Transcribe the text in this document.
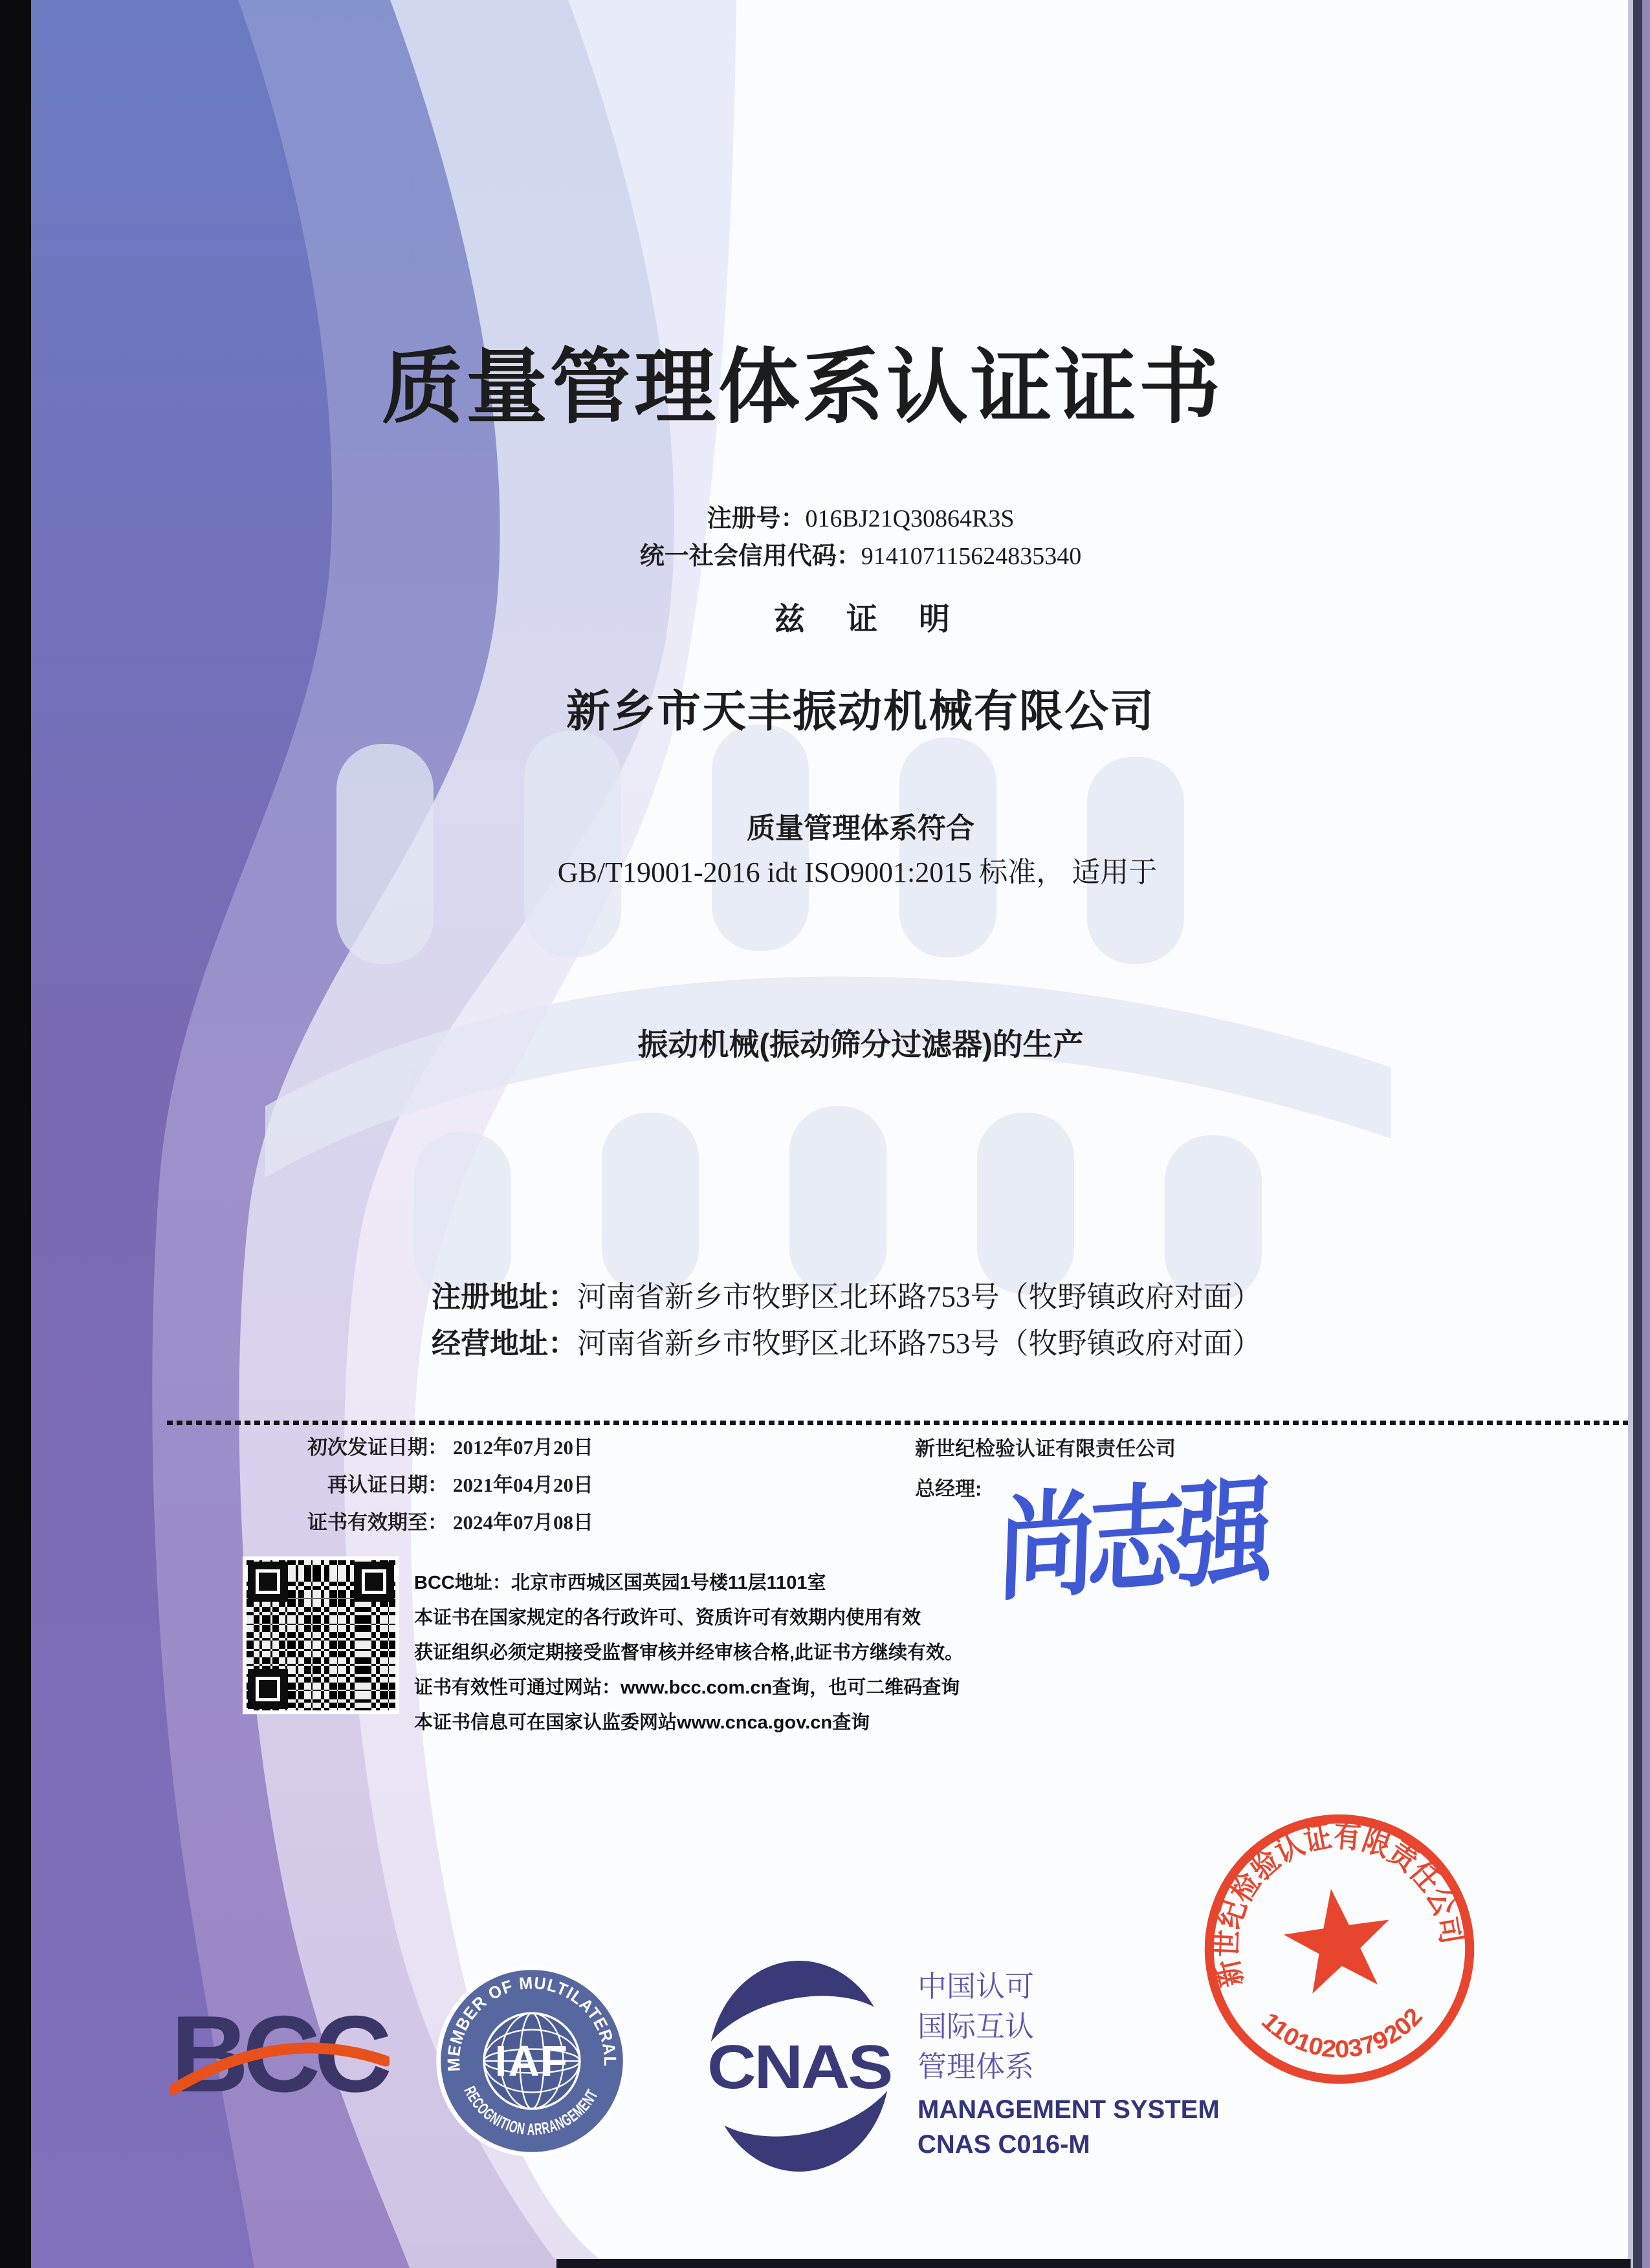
质量管理体系认证证书
注册号：016BJ21Q30864R3S
统一社会信用代码：914107115624835340
兹 证 明
新乡市天丰振动机械有限公司
质量管理体系符合
GB/T19001-2016 idt ISO9001:2015 标准， 适用于
振动机械(振动筛分过滤器)的生产
注册地址：河南省新乡市牧野区北环路753号（牧野镇政府对面）
经营地址：河南省新乡市牧野区北环路753号（牧野镇政府对面）
初次发证日期： 2012年07月20日
再认证日期： 2021年04月20日
证书有效期至： 2024年07月08日
新世纪检验认证有限责任公司
总经理: 尚志强
BCC地址：北京市西城区国英园1号楼11层1101室
本证书在国家规定的各行政许可、资质许可有效期内使用有效
获证组织必须定期接受监督审核并经审核合格,此证书方继续有效。
证书有效性可通过网站：www.bcc.com.cn查询，也可二维码查询
本证书信息可在国家认监委网站www.cnca.gov.cn查询
BCC	MEMBER OF MULTILATERAL
RECOGNITION ARRANGEMENT
IAF CNAS
中国认可
国际互认
管理体系
MANAGEMENT SYSTEM
CNAS C016-M
新世纪检验认证有限责任公司
1101020379202
